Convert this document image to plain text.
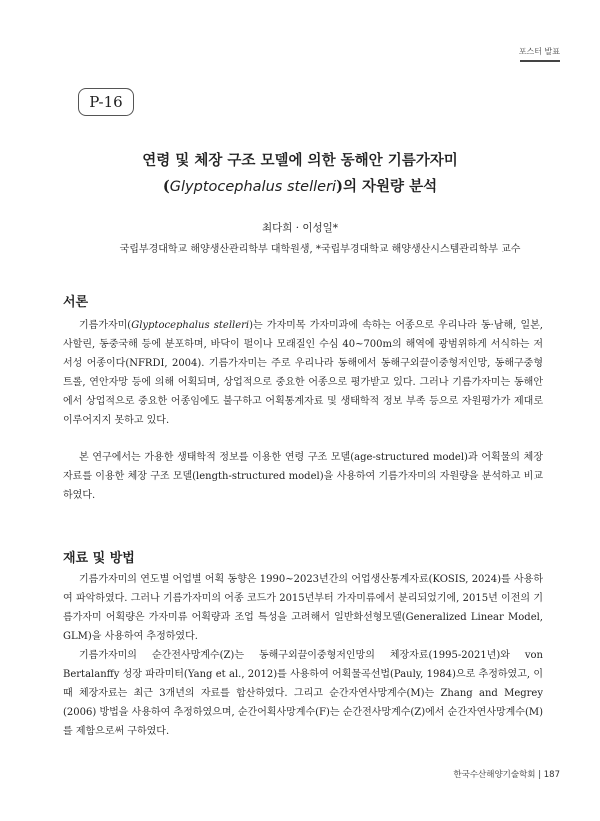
포스터 발표
P-16
연령 및 체장 구조 모델에 의한 동해안 기름가자미
(Glyptocephalus stelleri)의 자원량 분석
최다희 · 이성일*
국립부경대학교 해양생산관리학부 대학원생, *국립부경대학교 해양생산시스템관리학부 교수
서론
기름가자미(Glyptocephalus stelleri)는 가자미목 가자미과에 속하는 어종으로 우리나라 동·남해, 일본, 사할린, 동중국해 등에 분포하며, 바닥이 펄이나 모래질인 수심 40~700m의 해역에 광범위하게 서식하는 저서성 어종이다(NFRDI, 2004). 기름가자미는 주로 우리나라 동해에서 동해구외끌이중형저인망, 동해구중형트롤, 연안자망 등에 의해 어획되며, 상업적으로 중요한 어종으로 평가받고 있다. 그러나 기름가자미는 동해안에서 상업적으로 중요한 어종임에도 불구하고 어획통계자료 및 생태학적 정보 부족 등으로 자원평가가 제대로 이루어지지 못하고 있다.
본 연구에서는 가용한 생태학적 정보를 이용한 연령 구조 모델(age-structured model)과 어획물의 체장자료를 이용한 체장 구조 모델(length-structured model)을 사용하여 기름가자미의 자원량을 분석하고 비교하였다.
재료 및 방법
기름가자미의 연도별 어업별 어획 동향은 1990~2023년간의 어업생산통계자료(KOSIS, 2024)를 사용하여 파악하였다. 그러나 기름가자미의 어종 코드가 2015년부터 가자미류에서 분리되었기에, 2015년 이전의 기름가자미 어획량은 가자미류 어획량과 조업 특성을 고려해서 일반화선형모델(Generalized Linear Model, GLM)을 사용하여 추정하였다.
기름가자미의 순간전사망계수(Z)는 동해구외끌이중형저인망의 체장자료(1995-2021년)와 von Bertalanffy 성장 파라미터(Yang et al., 2012)를 사용하여 어획물곡선법(Pauly, 1984)으로 추정하였고, 이때 체장자료는 최근 3개년의 자료를 합산하였다. 그리고 순간자연사망계수(M)는 Zhang and Megrey (2006) 방법을 사용하여 추정하였으며, 순간어획사망계수(F)는 순간전사망계수(Z)에서 순간자연사망계수(M)를 제함으로써 구하였다.
한국수산해양기술학회 | 187
